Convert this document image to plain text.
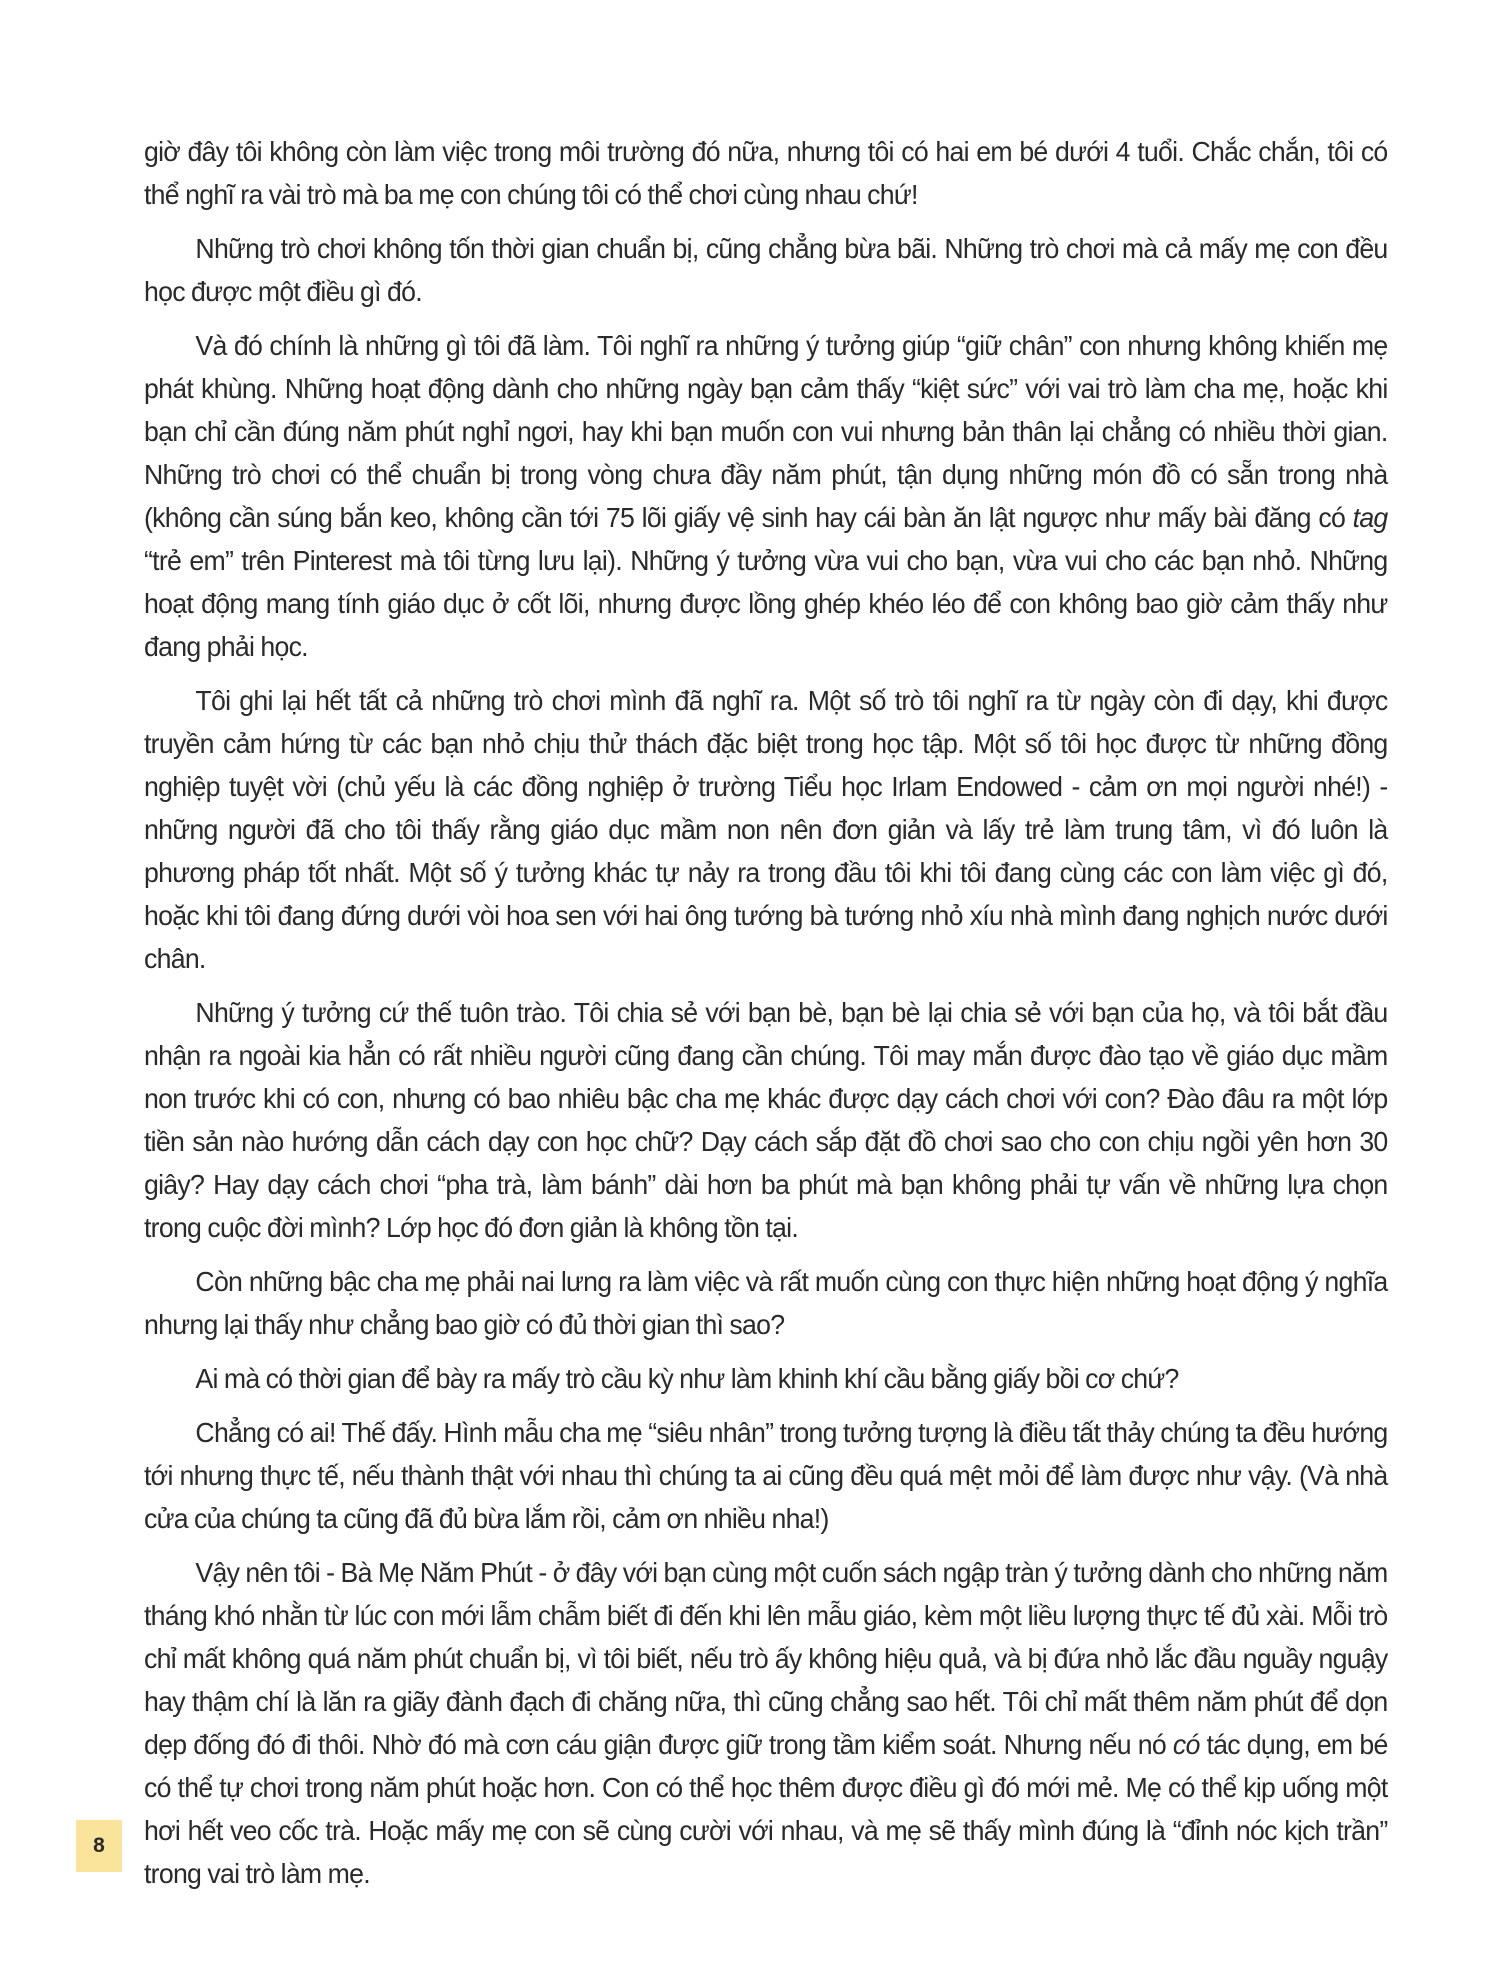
giờ đây tôi không còn làm việc trong môi trường đó nữa, nhưng tôi có hai em bé dưới 4 tuổi. Chắc chắn, tôi có thể nghĩ ra vài trò mà ba mẹ con chúng tôi có thể chơi cùng nhau chứ!

Những trò chơi không tốn thời gian chuẩn bị, cũng chẳng bừa bãi. Những trò chơi mà cả mấy mẹ con đều học được một điều gì đó.

Và đó chính là những gì tôi đã làm. Tôi nghĩ ra những ý tưởng giúp “giữ chân” con nhưng không khiến mẹ phát khùng. Những hoạt động dành cho những ngày bạn cảm thấy “kiệt sức” với vai trò làm cha mẹ, hoặc khi bạn chỉ cần đúng năm phút nghỉ ngơi, hay khi bạn muốn con vui nhưng bản thân lại chẳng có nhiều thời gian. Những trò chơi có thể chuẩn bị trong vòng chưa đầy năm phút, tận dụng những món đồ có sẵn trong nhà (không cần súng bắn keo, không cần tới 75 lõi giấy vệ sinh hay cái bàn ăn lật ngược như mấy bài đăng có tag “trẻ em” trên Pinterest mà tôi từng lưu lại). Những ý tưởng vừa vui cho bạn, vừa vui cho các bạn nhỏ. Những hoạt động mang tính giáo dục ở cốt lõi, nhưng được lồng ghép khéo léo để con không bao giờ cảm thấy như đang phải học.

Tôi ghi lại hết tất cả những trò chơi mình đã nghĩ ra. Một số trò tôi nghĩ ra từ ngày còn đi dạy, khi được truyền cảm hứng từ các bạn nhỏ chịu thử thách đặc biệt trong học tập. Một số tôi học được từ những đồng nghiệp tuyệt vời (chủ yếu là các đồng nghiệp ở trường Tiểu học Irlam Endowed - cảm ơn mọi người nhé!) - những người đã cho tôi thấy rằng giáo dục mầm non nên đơn giản và lấy trẻ làm trung tâm, vì đó luôn là phương pháp tốt nhất. Một số ý tưởng khác tự nảy ra trong đầu tôi khi tôi đang cùng các con làm việc gì đó, hoặc khi tôi đang đứng dưới vòi hoa sen với hai ông tướng bà tướng nhỏ xíu nhà mình đang nghịch nước dưới chân.

Những ý tưởng cứ thế tuôn trào. Tôi chia sẻ với bạn bè, bạn bè lại chia sẻ với bạn của họ, và tôi bắt đầu nhận ra ngoài kia hẳn có rất nhiều người cũng đang cần chúng. Tôi may mắn được đào tạo về giáo dục mầm non trước khi có con, nhưng có bao nhiêu bậc cha mẹ khác được dạy cách chơi với con? Đào đâu ra một lớp tiền sản nào hướng dẫn cách dạy con học chữ? Dạy cách sắp đặt đồ chơi sao cho con chịu ngồi yên hơn 30 giây? Hay dạy cách chơi “pha trà, làm bánh” dài hơn ba phút mà bạn không phải tự vấn về những lựa chọn trong cuộc đời mình? Lớp học đó đơn giản là không tồn tại.

Còn những bậc cha mẹ phải nai lưng ra làm việc và rất muốn cùng con thực hiện những hoạt động ý nghĩa nhưng lại thấy như chẳng bao giờ có đủ thời gian thì sao?

Ai mà có thời gian để bày ra mấy trò cầu kỳ như làm khinh khí cầu bằng giấy bồi cơ chứ?

Chẳng có ai! Thế đấy. Hình mẫu cha mẹ “siêu nhân” trong tưởng tượng là điều tất thảy chúng ta đều hướng tới nhưng thực tế, nếu thành thật với nhau thì chúng ta ai cũng đều quá mệt mỏi để làm được như vậy. (Và nhà cửa của chúng ta cũng đã đủ bừa lắm rồi, cảm ơn nhiều nha!)

Vậy nên tôi - Bà Mẹ Năm Phút - ở đây với bạn cùng một cuốn sách ngập tràn ý tưởng dành cho những năm tháng khó nhằn từ lúc con mới lẫm chẫm biết đi đến khi lên mẫu giáo, kèm một liều lượng thực tế đủ xài. Mỗi trò chỉ mất không quá năm phút chuẩn bị, vì tôi biết, nếu trò ấy không hiệu quả, và bị đứa nhỏ lắc đầu nguầy nguậy hay thậm chí là lăn ra giãy đành đạch đi chăng nữa, thì cũng chẳng sao hết. Tôi chỉ mất thêm năm phút để dọn dẹp đống đó đi thôi. Nhờ đó mà cơn cáu giận được giữ trong tầm kiểm soát. Nhưng nếu nó có tác dụng, em bé có thể tự chơi trong năm phút hoặc hơn. Con có thể học thêm được điều gì đó mới mẻ. Mẹ có thể kịp uống một hơi hết veo cốc trà. Hoặc mấy mẹ con sẽ cùng cười với nhau, và mẹ sẽ thấy mình đúng là “đỉnh nóc kịch trần” trong vai trò làm mẹ.

8
